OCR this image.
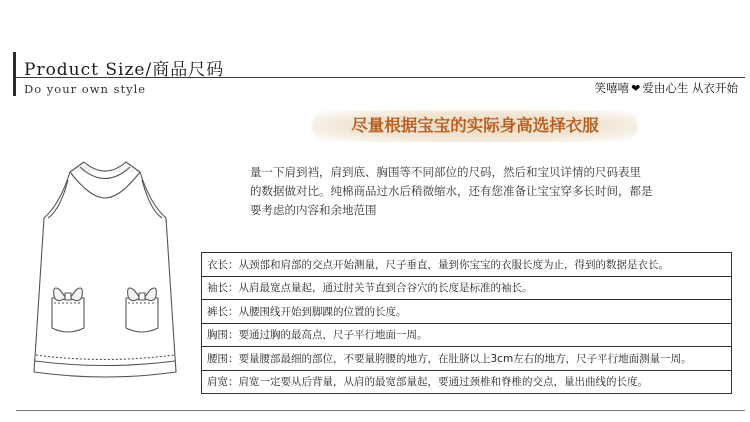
Product Size/商品尺码
Do your own style	笑嘻嘻 ❤ 爱由心生 从衣开始
尽量根据宝宝的实际身高选择衣服
量一下肩到裆，肩到底、胸围等不同部位的尺码，然后和宝贝详情的尺码表里
的数据做对比。纯棉商品过水后稍微缩水，还有您准备让宝宝穿多长时间，都是
要考虑的内容和余地范围
衣长：从颈部和肩部的交点开始测量，尺子垂直，量到你宝宝的衣服长度为止，得到的数据是衣长。
袖长：从肩最宽点量起，通过肘关节直到合谷穴的长度是标准的袖长。
裤长：从腰围线开始到脚踝的位置的长度。
胸围：要通过胸的最高点，尺子平行地面一周。
腰围：要量腰部最细的部位，不要量胯腰的地方，在肚脐以上3cm左右的地方，尺子平行地面测量一周。
肩宽：肩宽一定要从后背量，从肩的最宽部量起，要通过颈椎和脊椎的交点，量出曲线的长度。
